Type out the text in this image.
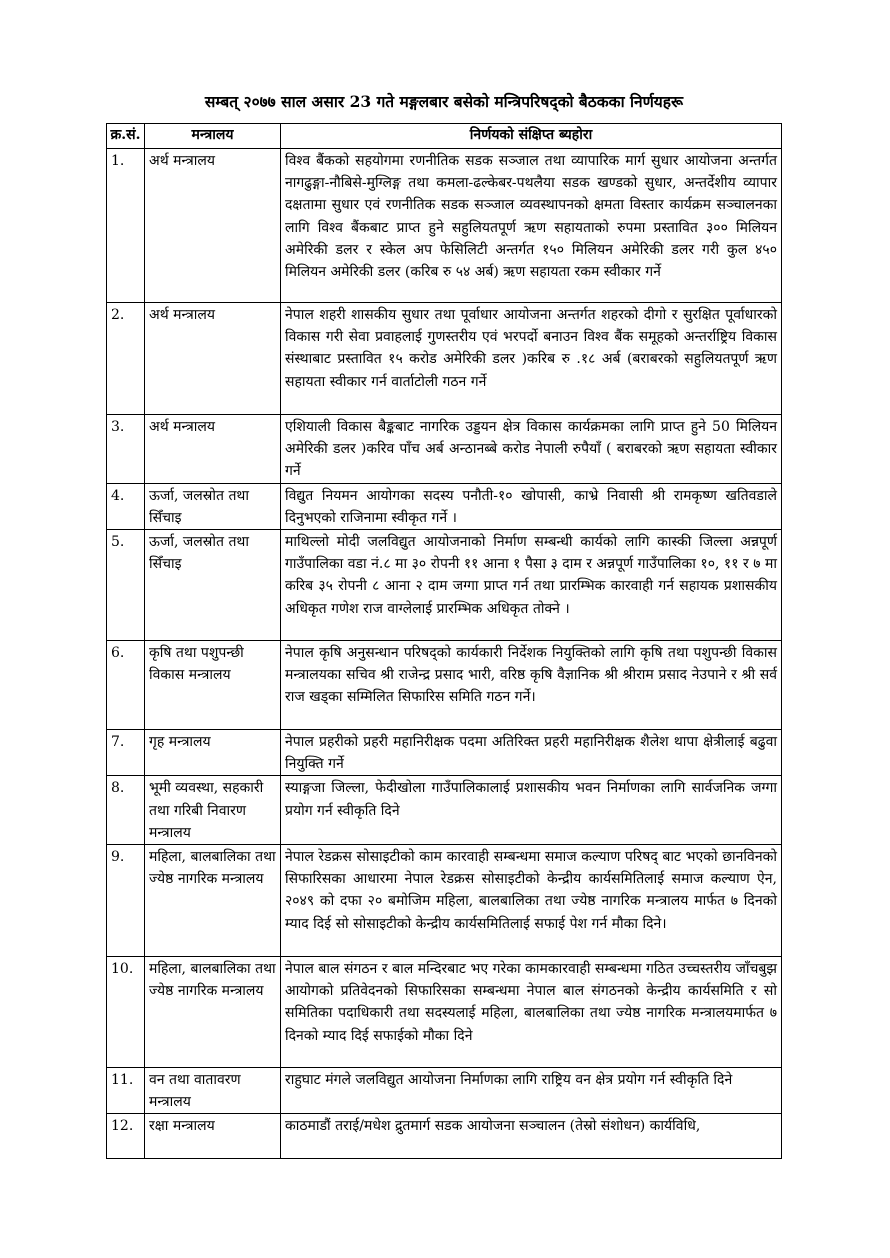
सम्बत् २०७७ साल असार 23 गते मङ्गलबार बसेको मन्त्रिपरिषद्को बैठकका निर्णयहरू
क्र.सं.	मन्त्रालय	निर्णयको संक्षिप्त ब्यहोरा
1.	अर्थ मन्त्रालय	विश्व बैंकको सहयोगमा रणनीतिक सडक सञ्जाल तथा व्यापारिक मार्ग सुधार आयोजना अन्तर्गत नागढुङ्गा-नौबिसे-मुग्लिङ्ग तथा कमला-ढल्केबर-पथलैया सडक खण्डको सुधार, अन्तर्देशीय व्यापार दक्षतामा सुधार एवं रणनीतिक सडक सञ्जाल व्यवस्थापनको क्षमता विस्तार कार्यक्रम सञ्चालनका लागि विश्व बैंकबाट प्राप्त हुने सहुलियतपूर्ण ऋण सहायताको रुपमा प्रस्तावित ३०० मिलियन अमेरिकी डलर र स्केल अप फेसिलिटी अन्तर्गत १५० मिलियन अमेरिकी डलर गरी कुल ४५० मिलियन अमेरिकी डलर (करिब रु ५४ अर्ब) ऋण सहायता रकम स्वीकार गर्ने
2.	अर्थ मन्त्रालय	नेपाल शहरी शासकीय सुधार तथा पूर्वाधार आयोजना अन्तर्गत शहरको दीगो र सुरक्षित पूर्वाधारको विकास गरी सेवा प्रवाहलाई गुणस्तरीय एवं भरपर्दो बनाउन विश्व बैंक समूहको अन्तर्राष्ट्रिय विकास संस्थाबाट प्रस्तावित १५ करोड अमेरिकी डलर )करिब रु .१८ अर्ब (बराबरको सहुलियतपूर्ण ऋण सहायता स्वीकार गर्न वार्ताटोली गठन गर्ने
3.	अर्थ मन्त्रालय	एशियाली विकास बैङ्कबाट नागरिक उड्डयन क्षेत्र विकास कार्यक्रमका लागि प्राप्त हुने 50 मिलियन अमेरिकी डलर )करिव पाँच अर्ब अन्ठानब्बे करोड नेपाली रुपैयाँ ( बराबरको ऋण सहायता स्वीकार गर्ने
4.	ऊर्जा, जलस्रोत तथा सिँचाइ	विद्युत नियमन आयोगका सदस्य पनौती-१० खोपासी, काभ्रे निवासी श्री रामकृष्ण खतिवडाले दिनुभएको राजिनामा स्वीकृत गर्ने ।
5.	ऊर्जा, जलस्रोत तथा सिँचाइ	माथिल्लो मोदी जलविद्युत आयोजनाको निर्माण सम्बन्धी कार्यको लागि कास्की जिल्ला अन्नपूर्ण गाउँपालिका वडा नं.८ मा ३० रोपनी ११ आना १ पैसा ३ दाम र अन्नपूर्ण गाउँपालिका १०, ११ र ७ मा करिब ३५ रोपनी ८ आना २ दाम जग्गा प्राप्त गर्न तथा प्रारम्भिक कारवाही गर्न सहायक प्रशासकीय अधिकृत गणेश राज वाग्लेलाई प्रारम्भिक अधिकृत तोक्ने ।
6.	कृषि तथा पशुपन्छी विकास मन्त्रालय	नेपाल कृषि अनुसन्धान परिषद्को कार्यकारी निर्देशक नियुक्तिको लागि कृषि तथा पशुपन्छी विकास मन्त्रालयका सचिव श्री राजेन्द्र प्रसाद भारी, वरिष्ठ कृषि वैज्ञानिक श्री श्रीराम प्रसाद नेउपाने र श्री सर्व राज खड्का सम्मिलित सिफारिस समिति गठन गर्ने।
7.	गृह मन्त्रालय	नेपाल प्रहरीको प्रहरी महानिरीक्षक पदमा अतिरिक्त प्रहरी महानिरीक्षक शैलेश थापा क्षेत्रीलाई बढुवा नियुक्ति गर्ने
8.	भूमी व्यवस्था, सहकारी तथा गरिबी निवारण मन्त्रालय	स्याङ्गजा जिल्ला, फेदीखोला गाउँपालिकालाई प्रशासकीय भवन निर्माणका लागि सार्वजनिक जग्गा प्रयोग गर्न स्वीकृति दिने
9.	महिला, बालबालिका तथा ज्येष्ठ नागरिक मन्त्रालय	नेपाल रेडक्रस सोसाइटीको काम कारवाही सम्बन्धमा समाज कल्याण परिषद् बाट भएको छानविनको सिफारिसका आधारमा नेपाल रेडक्रस सोसाइटीको केन्द्रीय कार्यसमितिलाई समाज कल्याण ऐन, २०४९ को दफा २० बमोजिम महिला, बालबालिका तथा ज्येष्ठ नागरिक मन्त्रालय मार्फत ७ दिनको म्याद दिई सो सोसाइटीको केन्द्रीय कार्यसमितिलाई सफाई पेश गर्न मौका दिने।
10.	महिला, बालबालिका तथा ज्येष्ठ नागरिक मन्त्रालय	नेपाल बाल संगठन र बाल मन्दिरबाट भए गरेका कामकारवाही सम्बन्धमा गठित उच्चस्तरीय जाँचबुझ आयोगको प्रतिवेदनको सिफारिसका सम्बन्धमा नेपाल बाल संगठनको केन्द्रीय कार्यसमिति र सो समितिका पदाधिकारी तथा सदस्यलाई महिला, बालबालिका तथा ज्येष्ठ नागरिक मन्त्रालयमार्फत ७ दिनको म्याद दिई सफाईको मौका दिने
11.	वन तथा वातावरण मन्त्रालय	राहुघाट मंगले जलविद्युत आयोजना निर्माणका लागि राष्ट्रिय वन क्षेत्र प्रयोग गर्न स्वीकृति दिने
12.	रक्षा मन्त्रालय	काठमाडौं तराई/मधेश द्रुतमार्ग सडक आयोजना सञ्चालन (तेस्रो संशोधन) कार्यविधि,
